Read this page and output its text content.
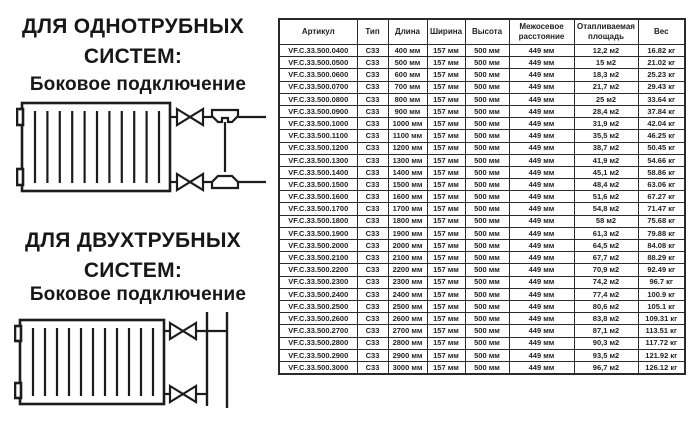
ДЛЯ ОДНОТРУБНЫХ СИСТЕМ:
Боковое подключение
ДЛЯ ДВУХТРУБНЫХ СИСТЕМ:
Боковое подключение
Артикул	Тип	Длина	Ширина	Высота	Межосевое расстояние	Отапливаемая площадь	Вес
VF.C.33.500.0400	C33	400 мм	157 мм	500 мм	449 мм	12,2 м2	16.82 кг
VF.C.33.500.0500	C33	500 мм	157 мм	500 мм	449 мм	15 м2	21.02 кг
VF.C.33.500.0600	C33	600 мм	157 мм	500 мм	449 мм	18,3 м2	25.23 кг
VF.C.33.500.0700	C33	700 мм	157 мм	500 мм	449 мм	21,7 м2	29.43 кг
VF.C.33.500.0800	C33	800 мм	157 мм	500 мм	449 мм	25 м2	33.64 кг
VF.C.33.500.0900	C33	900 мм	157 мм	500 мм	449 мм	28,4 м2	37.84 кг
VF.C.33.500.1000	C33	1000 мм	157 мм	500 мм	449 мм	31,9 м2	42.04 кг
VF.C.33.500.1100	C33	1100 мм	157 мм	500 мм	449 мм	35,5 м2	46.25 кг
VF.C.33.500.1200	C33	1200 мм	157 мм	500 мм	449 мм	38,7 м2	50.45 кг
VF.C.33.500.1300	C33	1300 мм	157 мм	500 мм	449 мм	41,9 м2	54.66 кг
VF.C.33.500.1400	C33	1400 мм	157 мм	500 мм	449 мм	45,1 м2	58.86 кг
VF.C.33.500.1500	C33	1500 мм	157 мм	500 мм	449 мм	48,4 м2	63.06 кг
VF.C.33.500.1600	C33	1600 мм	157 мм	500 мм	449 мм	51,6 м2	67.27 кг
VF.C.33.500.1700	C33	1700 мм	157 мм	500 мм	449 мм	54,8 м2	71.47 кг
VF.C.33.500.1800	C33	1800 мм	157 мм	500 мм	449 мм	58 м2	75.68 кг
VF.C.33.500.1900	C33	1900 мм	157 мм	500 мм	449 мм	61,3 м2	79.88 кг
VF.C.33.500.2000	C33	2000 мм	157 мм	500 мм	449 мм	64,5 м2	84.08 кг
VF.C.33.500.2100	C33	2100 мм	157 мм	500 мм	449 мм	67,7 м2	88.29 кг
VF.C.33.500.2200	C33	2200 мм	157 мм	500 мм	449 мм	70,9 м2	92.49 кг
VF.C.33.500.2300	C33	2300 мм	157 мм	500 мм	449 мм	74,2 м2	96.7 кг
VF.C.33.500.2400	C33	2400 мм	157 мм	500 мм	449 мм	77,4 м2	100.9 кг
VF.C.33.500.2500	C33	2500 мм	157 мм	500 мм	449 мм	80,6 м2	105.1 кг
VF.C.33.500.2600	C33	2600 мм	157 мм	500 мм	449 мм	83,8 м2	109.31 кг
VF.C.33.500.2700	C33	2700 мм	157 мм	500 мм	449 мм	87,1 м2	113.51 кг
VF.C.33.500.2800	C33	2800 мм	157 мм	500 мм	449 мм	90,3 м2	117.72 кг
VF.C.33.500.2900	C33	2900 мм	157 мм	500 мм	449 мм	93,5 м2	121.92 кг
VF.C.33.500.3000	C33	3000 мм	157 мм	500 мм	449 мм	96,7 м2	126.12 кг
